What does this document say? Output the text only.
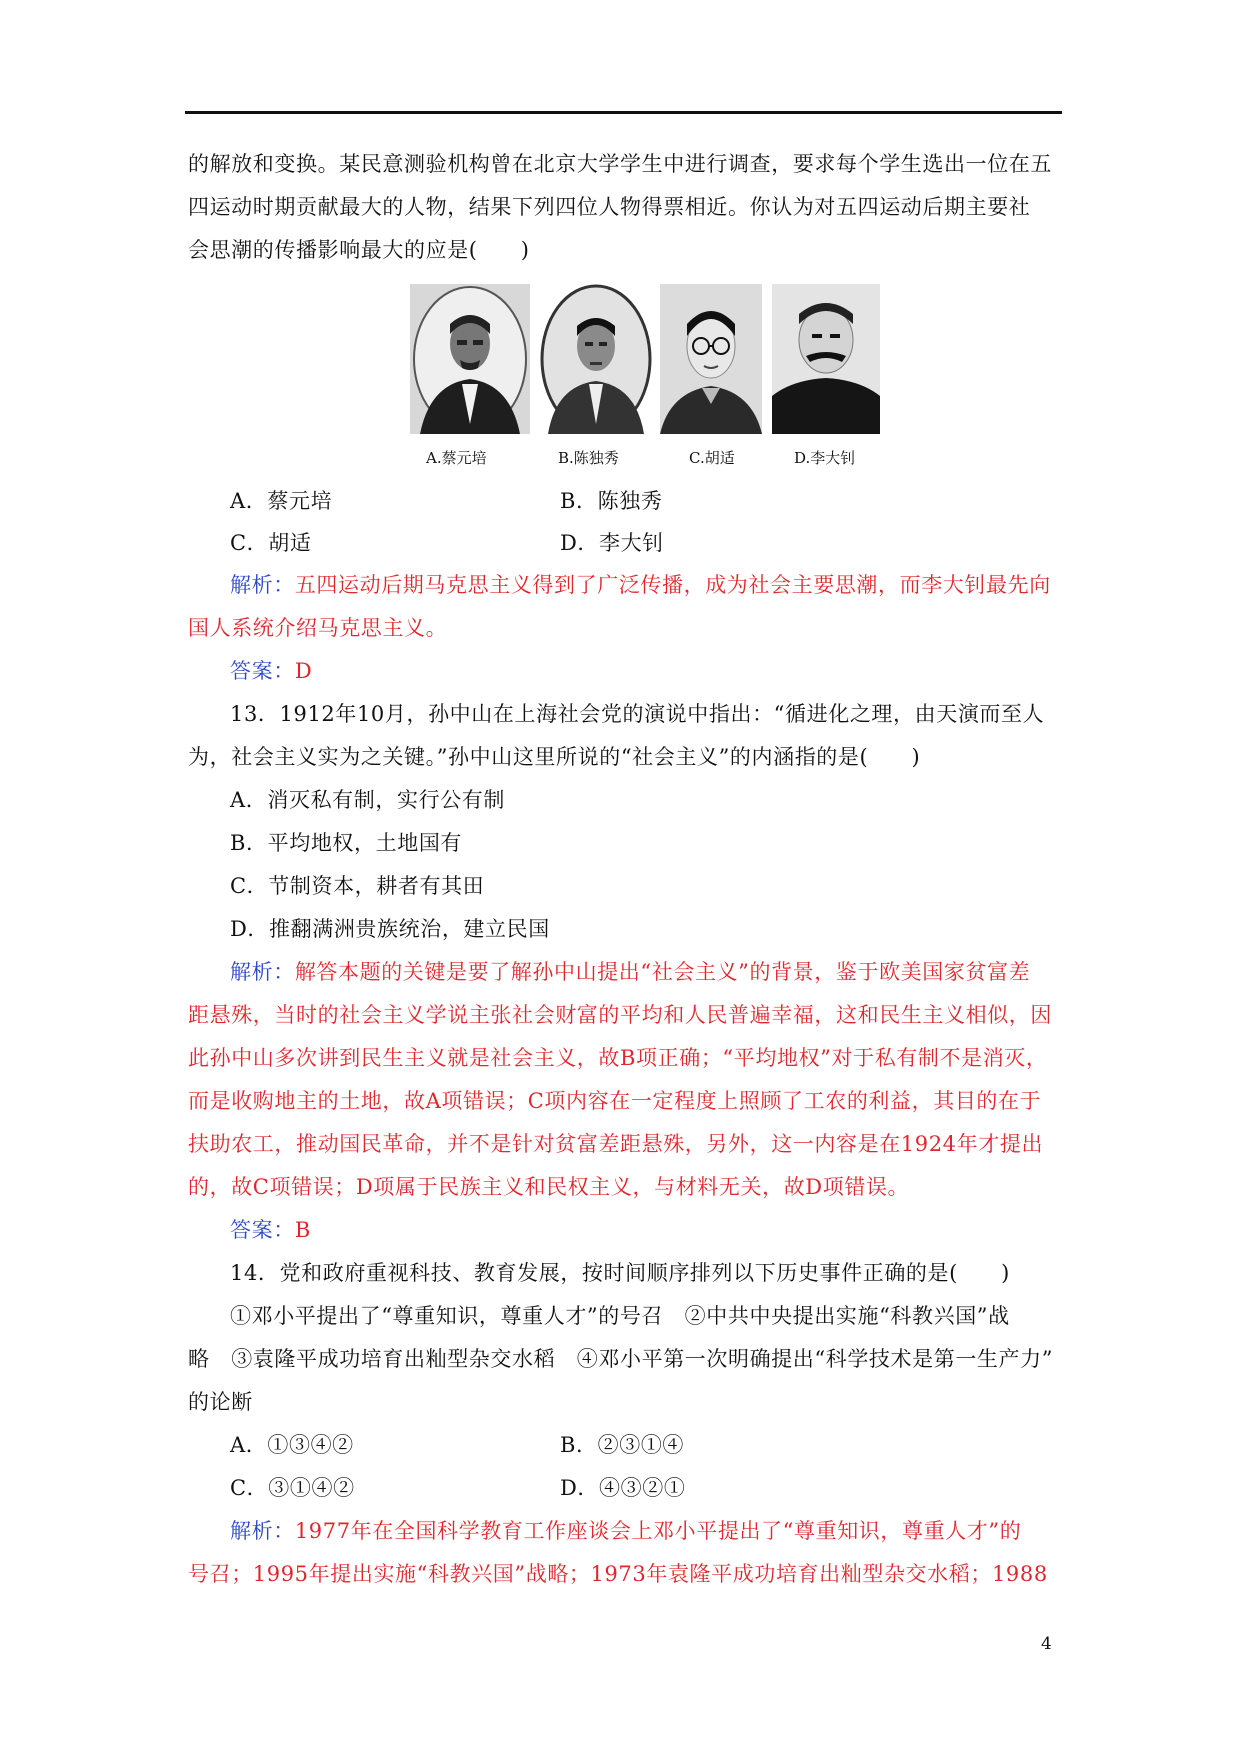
的解放和变换。某民意测验机构曾在北京大学学生中进行调查，要求每个学生选出一位在五
四运动时期贡献最大的人物，结果下列四位人物得票相近。你认为对五四运动后期主要社
会思潮的传播影响最大的应是(　　)
A.蔡元培	B.陈独秀	C.胡适	D.李大钊
A．蔡元培	B．陈独秀
C．胡适	D．李大钊
解析：五四运动后期马克思主义得到了广泛传播，成为社会主要思潮，而李大钊最先向
国人系统介绍马克思主义。
答案：D
13．1912年10月，孙中山在上海社会党的演说中指出：“循进化之理，由天演而至人
为，社会主义实为之关键。”孙中山这里所说的“社会主义”的内涵指的是(　　)
A．消灭私有制，实行公有制
B．平均地权，土地国有
C．节制资本，耕者有其田
D．推翻满洲贵族统治，建立民国
解析：解答本题的关键是要了解孙中山提出“社会主义”的背景，鉴于欧美国家贫富差
距悬殊，当时的社会主义学说主张社会财富的平均和人民普遍幸福，这和民生主义相似，因
此孙中山多次讲到民生主义就是社会主义，故B项正确；“平均地权”对于私有制不是消灭，
而是收购地主的土地，故A项错误；C项内容在一定程度上照顾了工农的利益，其目的在于
扶助农工，推动国民革命，并不是针对贫富差距悬殊，另外，这一内容是在1924年才提出
的，故C项错误；D项属于民族主义和民权主义，与材料无关，故D项错误。
答案：B
14．党和政府重视科技、教育发展，按时间顺序排列以下历史事件正确的是(　　)
①邓小平提出了“尊重知识，尊重人才”的号召　②中共中央提出实施“科教兴国”战
略　③袁隆平成功培育出籼型杂交水稻　④邓小平第一次明确提出“科学技术是第一生产力”
的论断
A．①③④②	B．②③①④
C．③①④②	D．④③②①
解析：1977年在全国科学教育工作座谈会上邓小平提出了“尊重知识，尊重人才”的
号召；1995年提出实施“科教兴国”战略；1973年袁隆平成功培育出籼型杂交水稻；1988
4
